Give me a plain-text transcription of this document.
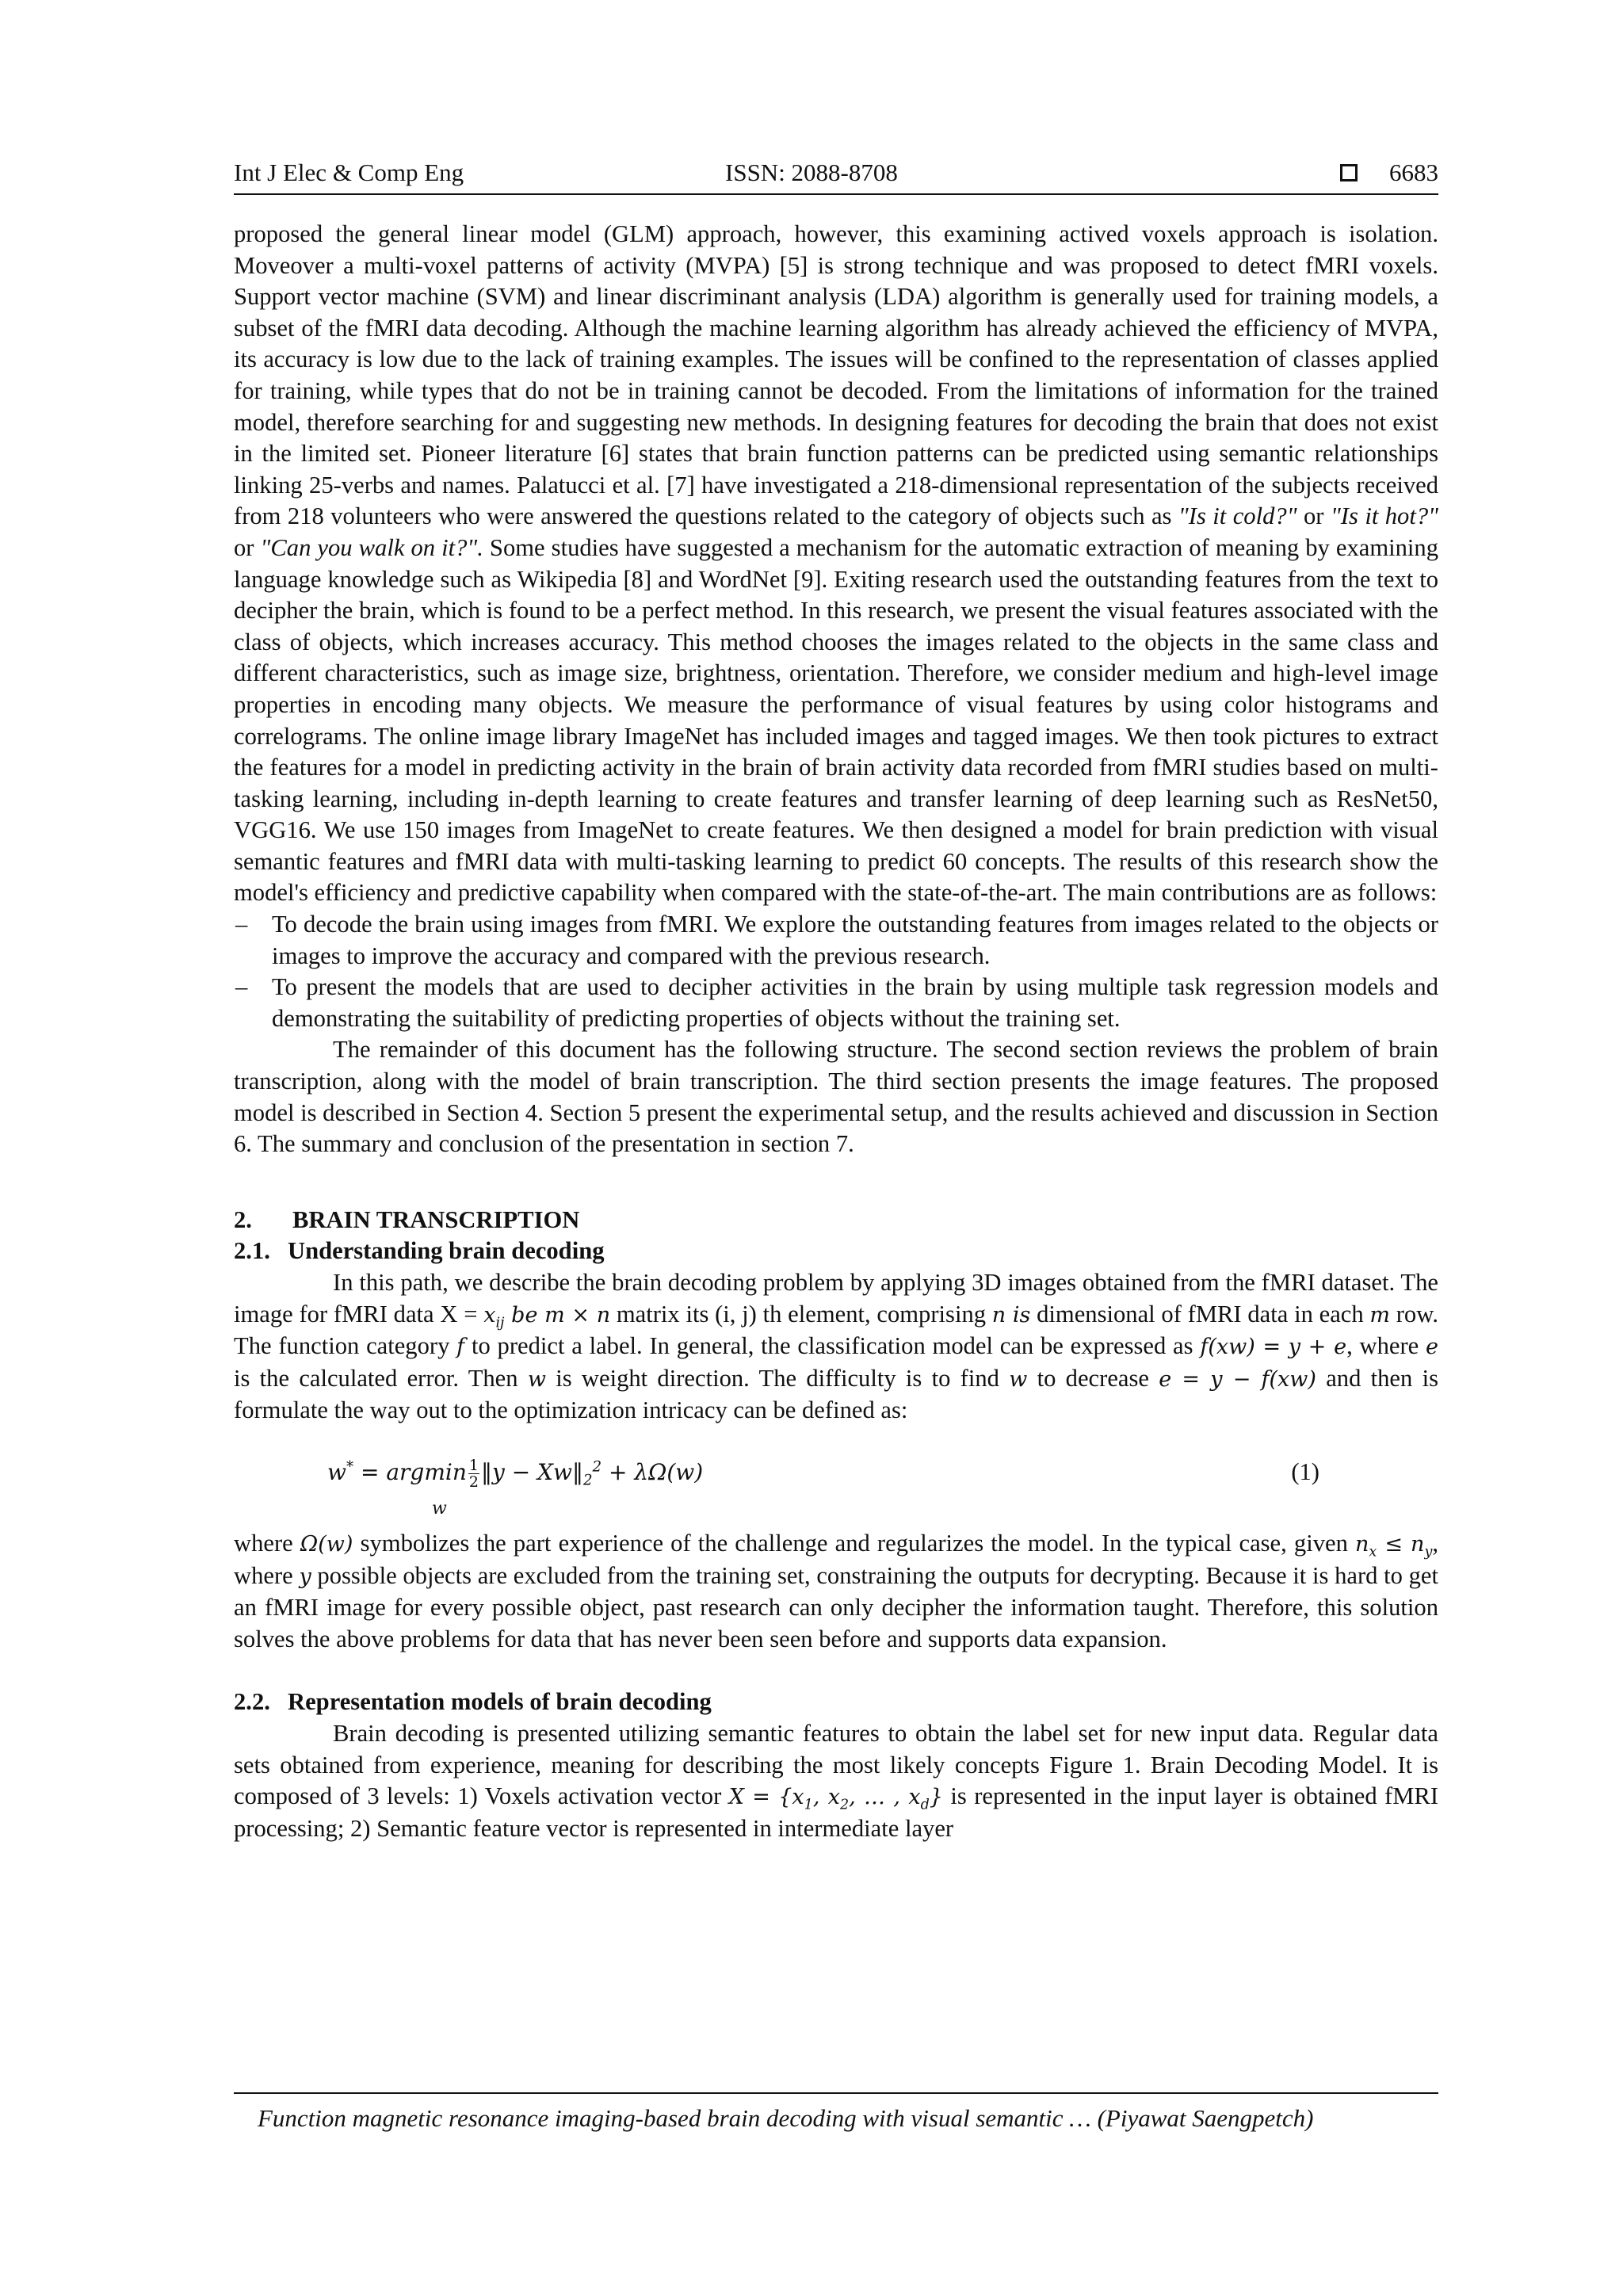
Int J Elec & Comp Eng	ISSN: 2088-8708	6683

proposed the general linear model (GLM) approach, however, this examining actived voxels approach is isolation. Moveover a multi-voxel patterns of activity (MVPA) [5] is strong technique and was proposed to detect fMRI voxels. Support vector machine (SVM) and linear discriminant analysis (LDA) algorithm is generally used for training models, a subset of the fMRI data decoding. Although the machine learning algorithm has already achieved the efficiency of MVPA, its accuracy is low due to the lack of training examples. The issues will be confined to the representation of classes applied for training, while types that do not be in training cannot be decoded. From the limitations of information for the trained model, therefore searching for and suggesting new methods. In designing features for decoding the brain that does not exist in the limited set. Pioneer literature [6] states that brain function patterns can be predicted using semantic relationships linking 25-verbs and names. Palatucci et al. [7] have investigated a 218-dimensional representation of the subjects received from 218 volunteers who were answered the questions related to the category of objects such as "Is it cold?" or "Is it hot?" or "Can you walk on it?". Some studies have suggested a mechanism for the automatic extraction of meaning by examining language knowledge such as Wikipedia [8] and WordNet [9]. Exiting research used the outstanding features from the text to decipher the brain, which is found to be a perfect method. In this research, we present the visual features associated with the class of objects, which increases accuracy. This method chooses the images related to the objects in the same class and different characteristics, such as image size, brightness, orientation. Therefore, we consider medium and high-level image properties in encoding many objects. We measure the performance of visual features by using color histograms and correlograms. The online image library ImageNet has included images and tagged images. We then took pictures to extract the features for a model in predicting activity in the brain of brain activity data recorded from fMRI studies based on multi-tasking learning, including in-depth learning to create features and transfer learning of deep learning such as ResNet50, VGG16. We use 150 images from ImageNet to create features. We then designed a model for brain prediction with visual semantic features and fMRI data with multi-tasking learning to predict 60 concepts. The results of this research show the model's efficiency and predictive capability when compared with the state-of-the-art. The main contributions are as follows:

– To decode the brain using images from fMRI. We explore the outstanding features from images related to the objects or images to improve the accuracy and compared with the previous research.
– To present the models that are used to decipher activities in the brain by using multiple task regression models and demonstrating the suitability of predicting properties of objects without the training set.

The remainder of this document has the following structure. The second section reviews the problem of brain transcription, along with the model of brain transcription. The third section presents the image features. The proposed model is described in Section 4. Section 5 present the experimental setup, and the results achieved and discussion in Section 6. The summary and conclusion of the presentation in section 7.

2. BRAIN TRANSCRIPTION
2.1. Understanding brain decoding

In this path, we describe the brain decoding problem by applying 3D images obtained from the fMRI dataset. The image for fMRI data $X = x_{ij}$ be m × n matrix its (i, j) th element, comprising n is dimensional of fMRI data in each m row. The function category f to predict a label. In general, the classification model can be expressed as f(xw) = y + e, where e is the calculated error. Then w is weight direction. The difficulty is to find w to decrease e = y − f(xw) and then is formulate the way out to the optimization intricacy can be defined as:

w* = argmin $\frac{1}{2}$ ‖y − $Xw‖_2^2 + \lambda\Omega(w)$
w
(1)

where Ω(w) symbolizes the part experience of the challenge and regularizes the model. In the typical case, given $n_x \le n_y$, where y possible objects are excluded from the training set, constraining the outputs for decrypting. Because it is hard to get an fMRI image for every possible object, past research can only decipher the information taught. Therefore, this solution solves the above problems for data that has never been seen before and supports data expansion.

2.2. Representation models of brain decoding

Brain decoding is presented utilizing semantic features to obtain the label set for new input data. Regular data sets obtained from experience, meaning for describing the most likely concepts Figure 1. Brain Decoding Model. It is composed of 3 levels: 1) Voxels activation vector $X = \{x_1$, $x_2$, … , $x_d$} is represented in the input layer is obtained fMRI processing; 2) Semantic feature vector is represented in intermediate layer

Function magnetic resonance imaging-based brain decoding with visual semantic … (Piyawat Saengpetch)
